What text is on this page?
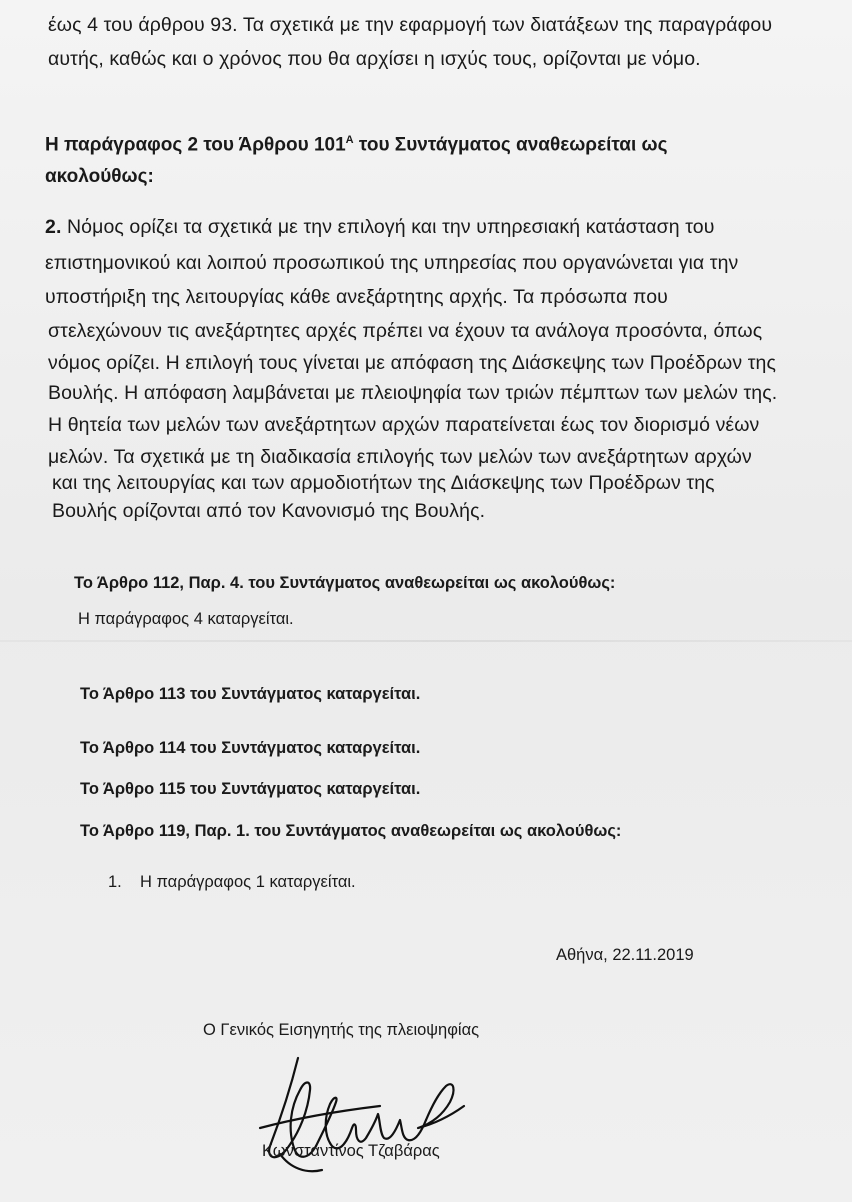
έως 4 του άρθρου 93. Τα σχετικά με την εφαρμογή των διατάξεων της παραγράφου
αυτής, καθώς και ο χρόνος που θα αρχίσει η ισχύς τους, ορίζονται με νόμο.
Η παράγραφος 2 του Άρθρου $101^A$ του Συντάγματος αναθεωρείται ως
ακολούθως:
2. Νόμος ορίζει τα σχετικά με την επιλογή και την υπηρεσιακή κατάσταση του
επιστημονικού και λοιπού προσωπικού της υπηρεσίας που οργανώνεται για την
υποστήριξη της λειτουργίας κάθε ανεξάρτητης αρχής. Τα πρόσωπα που
στελεχώνουν τις ανεξάρτητες αρχές πρέπει να έχουν τα ανάλογα προσόντα, όπως
νόμος ορίζει. Η επιλογή τους γίνεται με απόφαση της Διάσκεψης των Προέδρων της
Βουλής. Η απόφαση λαμβάνεται με πλειοψηφία των τριών πέμπτων των μελών της.
Η θητεία των μελών των ανεξάρτητων αρχών παρατείνεται έως τον διορισμό νέων
μελών. Τα σχετικά με τη διαδικασία επιλογής των μελών των ανεξάρτητων αρχών
και της λειτουργίας και των αρμοδιοτήτων της Διάσκεψης των Προέδρων της
Βουλής ορίζονται από τον Κανονισμό της Βουλής.
Το Άρθρο 112, Παρ. 4. του Συντάγματος αναθεωρείται ως ακολούθως:
Η παράγραφος 4 καταργείται.
Το Άρθρο 113 του Συντάγματος καταργείται.
Το Άρθρο 114 του Συντάγματος καταργείται.
Το Άρθρο 115 του Συντάγματος καταργείται.
Το Άρθρο 119, Παρ. 1. του Συντάγματος αναθεωρείται ως ακολούθως:
1. Η παράγραφος 1 καταργείται.
Αθήνα, 22.11.2019
Ο Γενικός Εισηγητής της πλειοψηφίας
Κωνσταντίνος Τζαβάρας
